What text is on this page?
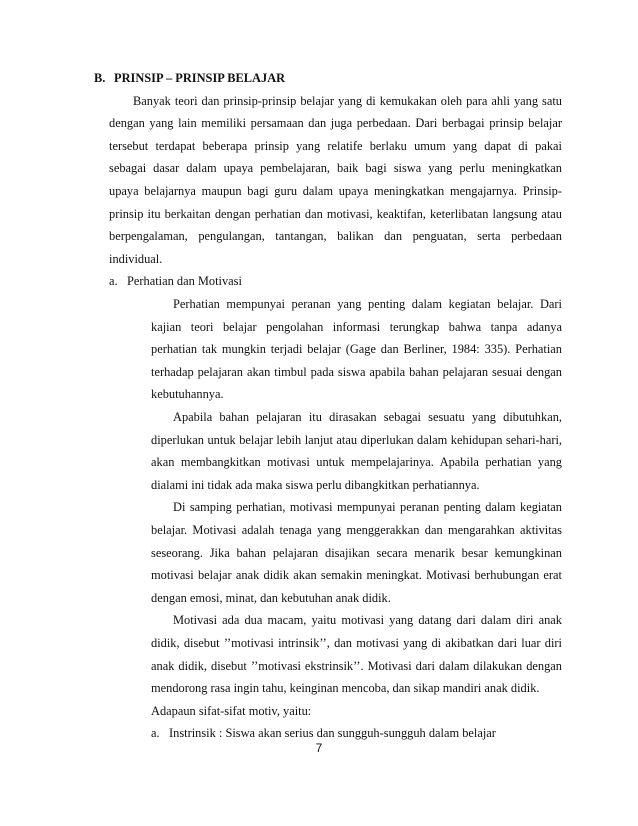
B. PRINSIP – PRINSIP BELAJAR
Banyak teori dan prinsip-prinsip belajar yang di kemukakan oleh para ahli yang satu
dengan yang lain memiliki persamaan dan juga perbedaan. Dari berbagai prinsip belajar
tersebut terdapat beberapa prinsip yang relatife berlaku umum yang dapat di pakai
sebagai dasar dalam upaya pembelajaran, baik bagi siswa yang perlu meningkatkan
upaya belajarnya maupun bagi guru dalam upaya meningkatkan mengajarnya. Prinsip-
prinsip itu berkaitan dengan perhatian dan motivasi, keaktifan, keterlibatan langsung atau
berpengalaman, pengulangan, tantangan, balikan dan penguatan, serta perbedaan
individual.
a. Perhatian dan Motivasi
Perhatian mempunyai peranan yang penting dalam kegiatan belajar. Dari
kajian teori belajar pengolahan informasi terungkap bahwa tanpa adanya
perhatian tak mungkin terjadi belajar (Gage dan Berliner, 1984: 335). Perhatian
terhadap pelajaran akan timbul pada siswa apabila bahan pelajaran sesuai dengan
kebutuhannya.
Apabila bahan pelajaran itu dirasakan sebagai sesuatu yang dibutuhkan,
diperlukan untuk belajar lebih lanjut atau diperlukan dalam kehidupan sehari-hari,
akan membangkitkan motivasi untuk mempelajarinya. Apabila perhatian yang
dialami ini tidak ada maka siswa perlu dibangkitkan perhatiannya.
Di samping perhatian, motivasi mempunyai peranan penting dalam kegiatan
belajar. Motivasi adalah tenaga yang menggerakkan dan mengarahkan aktivitas
seseorang. Jika bahan pelajaran disajikan secara menarik besar kemungkinan
motivasi belajar anak didik akan semakin meningkat. Motivasi berhubungan erat
dengan emosi, minat, dan kebutuhan anak didik.
Motivasi ada dua macam, yaitu motivasi yang datang dari dalam diri anak
didik, disebut ’’motivasi intrinsik’’, dan motivasi yang di akibatkan dari luar diri
anak didik, disebut ’’motivasi ekstrinsik’’. Motivasi dari dalam dilakukan dengan
mendorong rasa ingin tahu, keinginan mencoba, dan sikap mandiri anak didik.
Adapaun sifat-sifat motiv, yaitu:
a. Instrinsik : Siswa akan serius dan sungguh-sungguh dalam belajar
7
